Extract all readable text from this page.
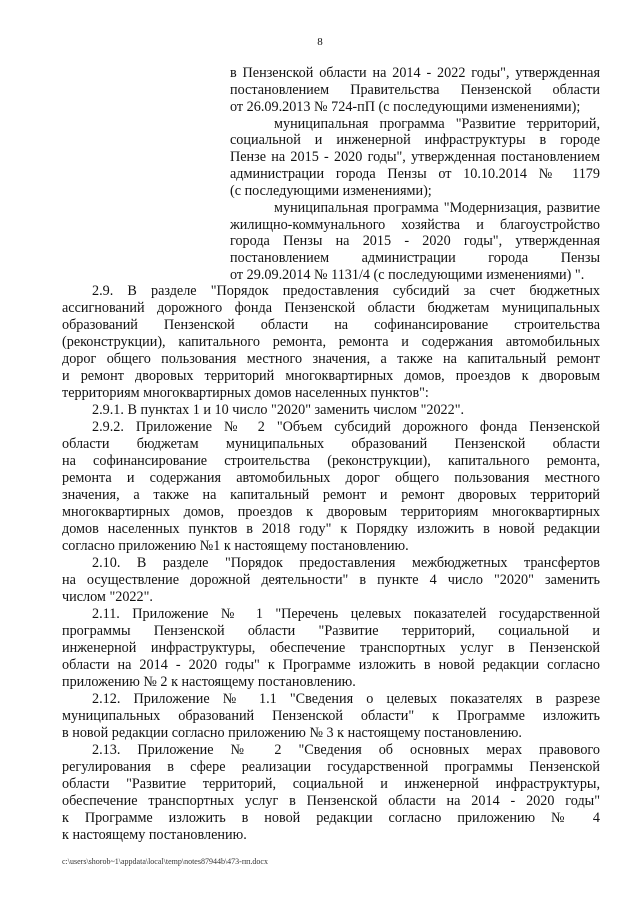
8
в Пензенской области на 2014 - 2022 годы", утвержденная
постановлением Правительства Пензенской области
от 26.09.2013 № 724-пП (с последующими изменениями);
муниципальная программа "Развитие территорий,
социальной и инженерной инфраструктуры в городе
Пензе на 2015 - 2020 годы", утвержденная постановлением
администрации города Пензы от 10.10.2014 № 1179
(с последующими изменениями);
муниципальная программа "Модернизация, развитие
жилищно-коммунального хозяйства и благоустройство
города Пензы на 2015 - 2020 годы", утвержденная
постановлением администрации города Пензы
от 29.09.2014 № 1131/4 (с последующими изменениями) ".
2.9. В разделе "Порядок предоставления субсидий за счет бюджетных
ассигнований дорожного фонда Пензенской области бюджетам муниципальных
образований Пензенской области на софинансирование строительства
(реконструкции), капитального ремонта, ремонта и содержания автомобильных
дорог общего пользования местного значения, а также на капитальный ремонт
и ремонт дворовых территорий многоквартирных домов, проездов к дворовым
территориям многоквартирных домов населенных пунктов":
2.9.1. В пунктах 1 и 10 число "2020" заменить числом "2022".
2.9.2. Приложение № 2 "Объем субсидий дорожного фонда Пензенской
области бюджетам муниципальных образований Пензенской области
на софинансирование строительства (реконструкции), капитального ремонта,
ремонта и содержания автомобильных дорог общего пользования местного
значения, а также на капитальный ремонт и ремонт дворовых территорий
многоквартирных домов, проездов к дворовым территориям многоквартирных
домов населенных пунктов в 2018 году" к Порядку изложить в новой редакции
согласно приложению №1 к настоящему постановлению.
2.10. В разделе "Порядок предоставления межбюджетных трансфертов
на осуществление дорожной деятельности" в пункте 4 число "2020" заменить
числом "2022".
2.11. Приложение № 1 "Перечень целевых показателей государственной
программы Пензенской области "Развитие территорий, социальной и
инженерной инфраструктуры, обеспечение транспортных услуг в Пензенской
области на 2014 - 2020 годы" к Программе изложить в новой редакции согласно
приложению № 2 к настоящему постановлению.
2.12. Приложение № 1.1 "Сведения о целевых показателях в разрезе
муниципальных образований Пензенской области" к Программе изложить
в новой редакции согласно приложению № 3 к настоящему постановлению.
2.13. Приложение № 2 "Сведения об основных мерах правового
регулирования в сфере реализации государственной программы Пензенской
области "Развитие территорий, социальной и инженерной инфраструктуры,
обеспечение транспортных услуг в Пензенской области на 2014 - 2020 годы"
к Программе изложить в новой редакции согласно приложению № 4
к настоящему постановлению.
c:\users\shorob~1\appdata\local\temp\notes87944b\473-пп.docx
